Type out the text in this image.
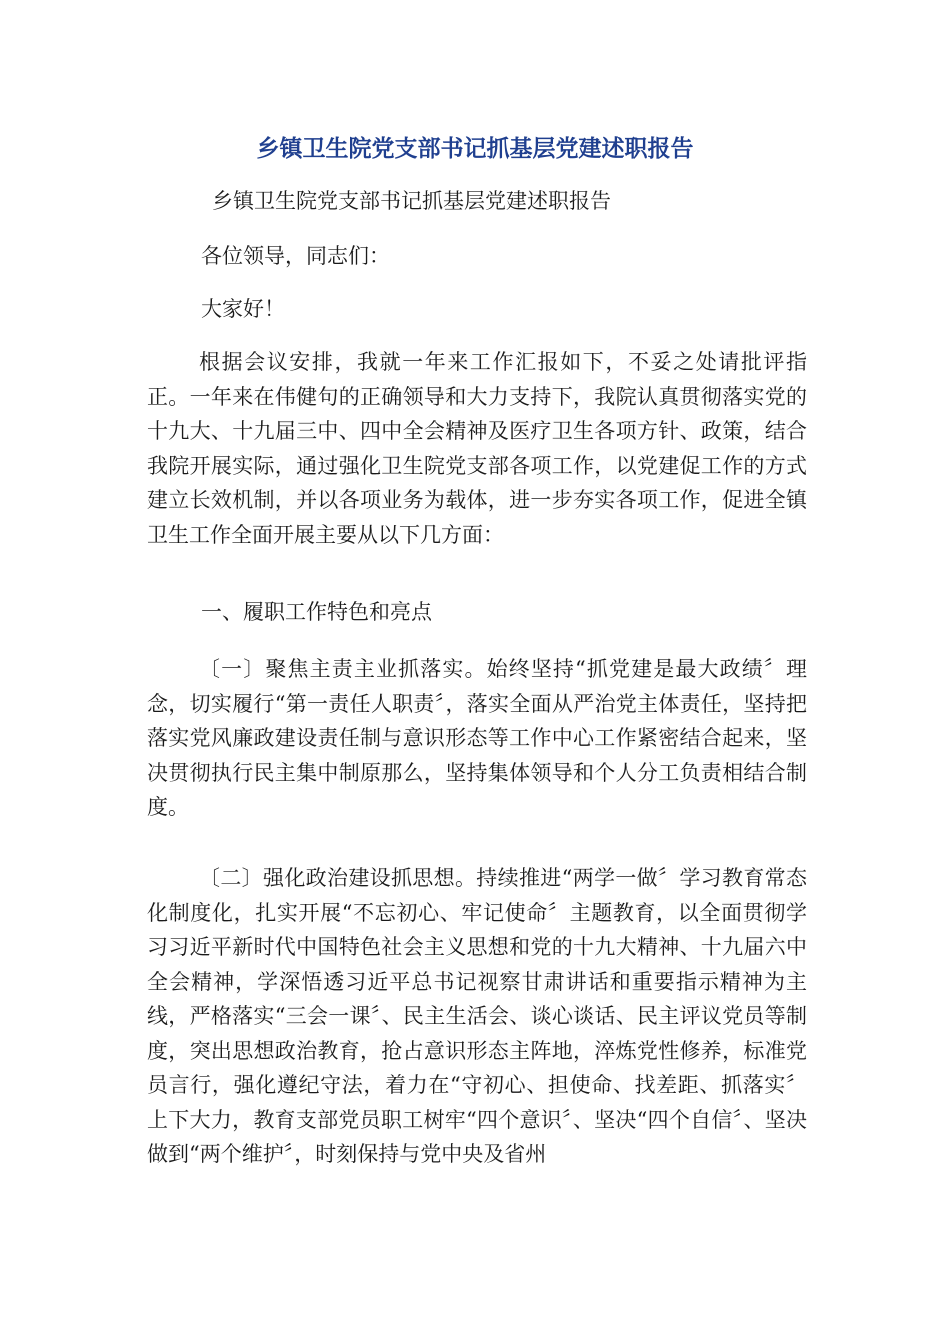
乡镇卫生院党支部书记抓基层党建述职报告

乡镇卫生院党支部书记抓基层党建述职报告

各位领导，同志们：

大家好！

根据会议安排，我就一年来工作汇报如下，不妥之处请批评指正。一年来在伟健句的正确领导和大力支持下，我院认真贯彻落实党的十九大、十九届三中、四中全会精神及医疗卫生各项方针、政策，结合我院开展实际，通过强化卫生院党支部各项工作，以党建促工作的方式建立长效机制，并以各项业务为载体，进一步夯实各项工作，促进全镇卫生工作全面开展主要从以下几方面：

一、履职工作特色和亮点

〔一〕聚焦主责主业抓落实。始终坚持“抓党建是最大政绩〞理念，切实履行“第一责任人职责〞，落实全面从严治党主体责任，坚持把落实党风廉政建设责任制与意识形态等工作中心工作紧密结合起来，坚决贯彻执行民主集中制原那么，坚持集体领导和个人分工负责相结合制度。

〔二〕强化政治建设抓思想。持续推进“两学一做〞学习教育常态化制度化，扎实开展“不忘初心、牢记使命〞主题教育，以全面贯彻学习习近平新时代中国特色社会主义思想和党的十九大精神、十九届六中全会精神，学深悟透习近平总书记视察甘肃讲话和重要指示精神为主线，严格落实“三会一课〞、民主生活会、谈心谈话、民主评议党员等制度，突出思想政治教育，抢占意识形态主阵地，淬炼党性修养，标准党员言行，强化遵纪守法，着力在“守初心、担使命、找差距、抓落实〞上下大力，教育支部党员职工树牢“四个意识〞、坚决“四个自信〞、坚决做到“两个维护〞，时刻保持与党中央及省州
